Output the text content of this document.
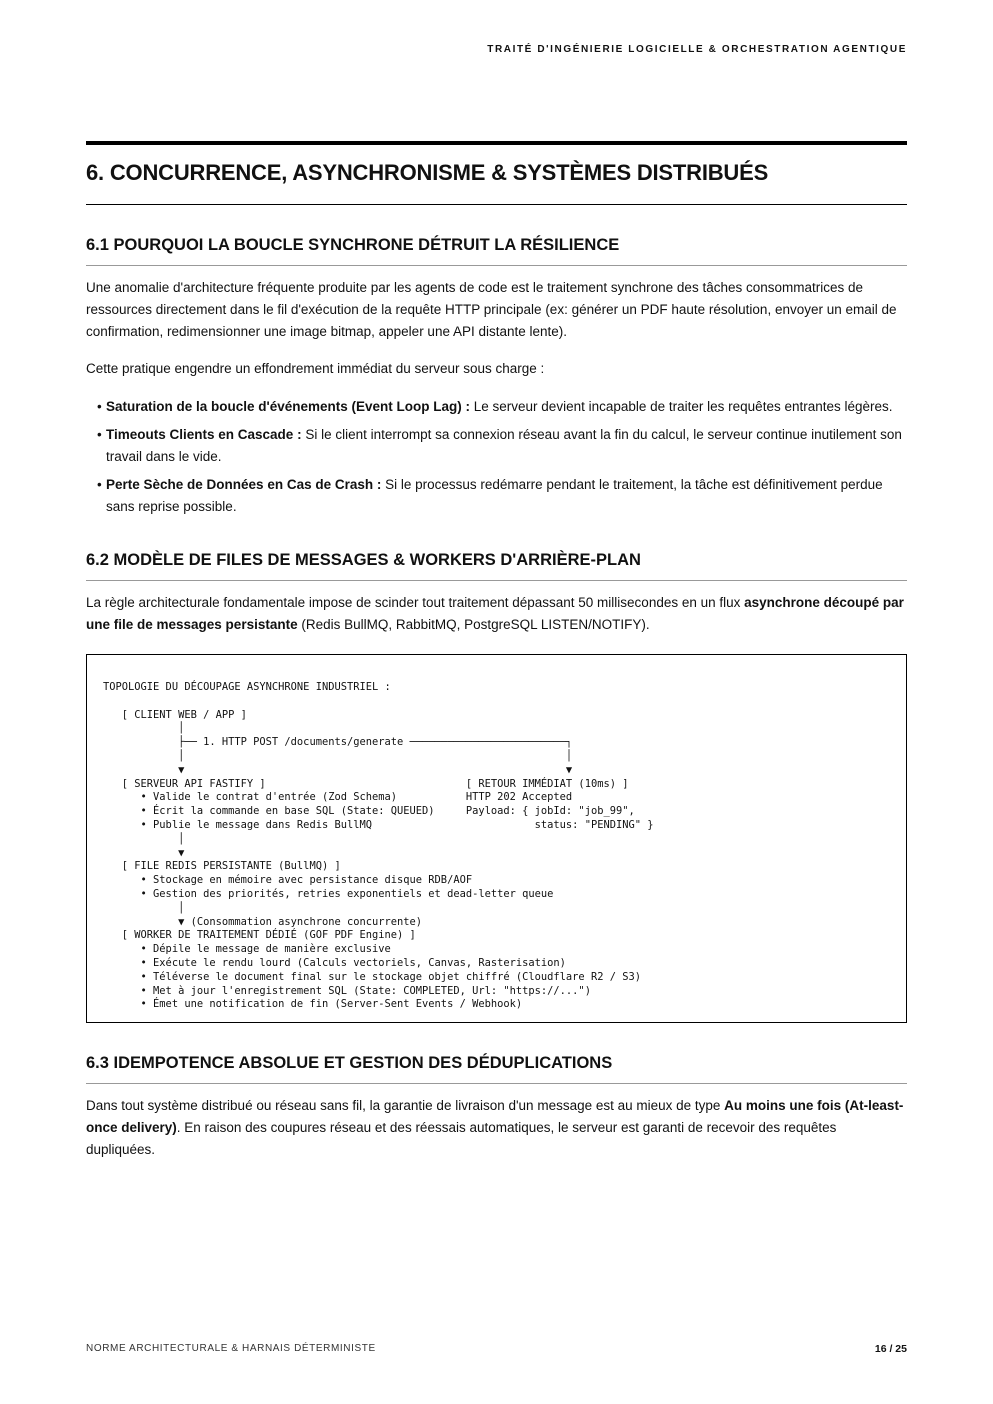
TRAITÉ D'INGÉNIERIE LOGICIELLE & ORCHESTRATION AGENTIQUE
6. CONCURRENCE, ASYNCHRONISME & SYSTÈMES DISTRIBUÉS
6.1 POURQUOI LA BOUCLE SYNCHRONE DÉTRUIT LA RÉSILIENCE

Une anomalie d'architecture fréquente produite par les agents de code est le traitement synchrone des tâches consommatrices de ressources directement dans le fil d'exécution de la requête HTTP principale (ex: générer un PDF haute résolution, envoyer un email de confirmation, redimensionner une image bitmap, appeler une API distante lente).

Cette pratique engendre un effondrement immédiat du serveur sous charge :

• Saturation de la boucle d'événements (Event Loop Lag) : Le serveur devient incapable de traiter les requêtes entrantes légères.
• Timeouts Clients en Cascade : Si le client interrompt sa connexion réseau avant la fin du calcul, le serveur continue inutilement son travail dans le vide.
• Perte Sèche de Données en Cas de Crash : Si le processus redémarre pendant le traitement, la tâche est définitivement perdue sans reprise possible.
6.2 MODÈLE DE FILES DE MESSAGES & WORKERS D'ARRIÈRE-PLAN

La règle architecturale fondamentale impose de scinder tout traitement dépassant 50 millisecondes en un flux asynchrone découpé par une file de messages persistante (Redis BullMQ, RabbitMQ, PostgreSQL LISTEN/NOTIFY).

TOPOLOGIE DU DÉCOUPAGE ASYNCHRONE INDUSTRIEL :

[ CLIENT WEB / APP ]
│
├── 1. HTTP POST /documents/generate ─────────────────────────┐
│                                                             │
▼                                                             ▼
[ SERVEUR API FASTIFY ]                                [ RETOUR IMMÉDIAT (10ms) ]
• Valide le contrat d'entrée (Zod Schema)           HTTP 202 Accepted
• Écrit la commande en base SQL (State: QUEUED)     Payload: { jobId: "job_99",
• Publie le message dans Redis BullMQ                          status: "PENDING" }
│
▼
[ FILE REDIS PERSISTANTE (BullMQ) ]
• Stockage en mémoire avec persistance disque RDB/AOF
• Gestion des priorités, retries exponentiels et dead-letter queue
│
▼ (Consommation asynchrone concurrente)
[ WORKER DE TRAITEMENT DÉDIÉ (GOF PDF Engine) ]
• Dépile le message de manière exclusive
• Exécute le rendu lourd (Calculs vectoriels, Canvas, Rasterisation)
• Téléverse le document final sur le stockage objet chiffré (Cloudflare R2 / S3)
• Met à jour l'enregistrement SQL (State: COMPLETED, Url: "https://...")
• Émet une notification de fin (Server-Sent Events / Webhook)
6.3 IDEMPOTENCE ABSOLUE ET GESTION DES DÉDUPLICATIONS

Dans tout système distribué ou réseau sans fil, la garantie de livraison d'un message est au mieux de type Au moins une fois (At-least-once delivery). En raison des coupures réseau et des réessais automatiques, le serveur est garanti de recevoir des requêtes dupliquées.

NORME ARCHITECTURALE & HARNAIS DÉTERMINISTE	16 / 25
